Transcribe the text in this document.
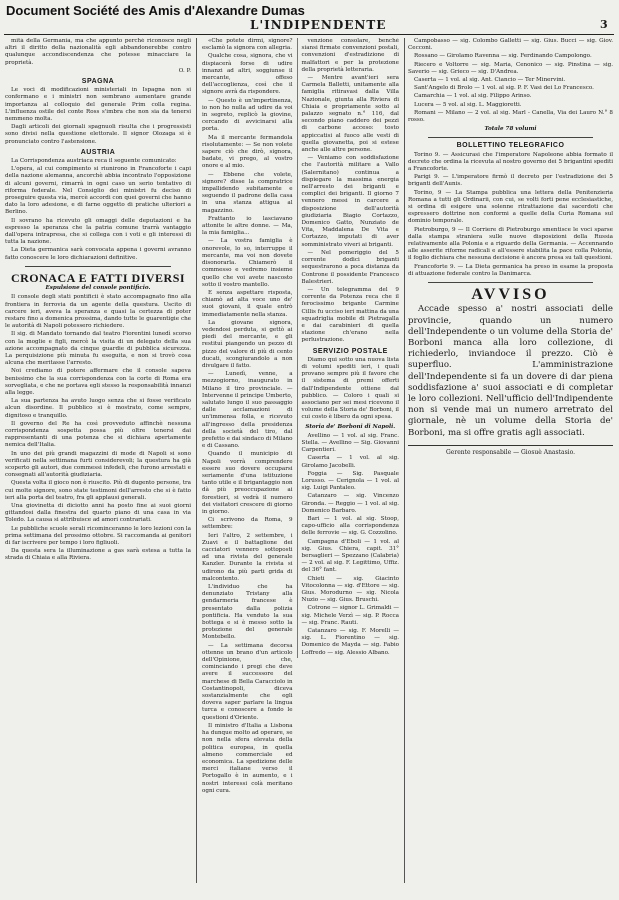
Document Société des Amis d'Alexandre Dumas
L'INDIPENDENTE	3

mità della Germania, ma che appunto perchè riconosce negli altri il diritto della nazionalità egli abbandonerebbe contro qualunque accondiscendenza che potesse minacciare la proprietà.

O. P.
SPAGNA

Le voci di modificazioni ministeriali in Ispagna non si confermano e i ministri non sembrano aumentare grande importanza al colloquio del generale Prim colla regina. L'influenza ostile del conte Ross s'imbra che non sia da tenersi nemmeno molta.

Dagli articoli dei giornali spagnuoli risulta che i progressisti sono divisi nella questione elettorale. Il signor Olozaga si è pronunciato contro l'astensione.

AUSTRIA

La Corrispondenza austriaca reca il seguente comunicato:

L'opera, al cui compimento si riunirono in Francoforte i capi della nazione alemanna, ancorchè abbia incontrato l'opposizione di alcuni governi, rimarrà in ogni caso un serio tentativo di riforma federale. Nel Consiglio dei ministri fu deciso di proseguire questa via, mercè accordi con quei governi che hanno dato la loro adesione, e di farne oggetto di pratiche ulteriori a Berlino.

Il sovrano ha ricevuto gli omaggi delle deputazioni e ha espresso la speranza che la patria comune trarrà vantaggio dall'opera intrapresa, che si collega con i voti e gli interessi di tutta la nazione.

La Dieta germanica sarà convocata appena i governi avranno fatto conoscere le loro dichiarazioni definitive.

CRONACA E FATTI DIVERSI
Espulsione del console pontificio.

Il console degli stati pontificii è stato accompagnato fino alla frontiera in ferrovia da un agente della questura. Uscito di carcere ieri, aveva la speranza e quasi la certezza di poter restare fino a domenica prossima, dando tutte le guarentigie che le autorità di Napoli potessero richiedere.

Il sig. di Mandato tornando dal teatro Fiorentini lunedì scorso con la moglie e figli, mercè la visita di un delegato della sua azione accompagnato da cinque guardie di pubblica sicurezza. La perquisizione più minuta fu eseguita, e non si trovò cosa alcuna che meritasse l'arresto.

Noi crediamo di potere affermare che il console sapeva benissimo che la sua corrispondenza con la corte di Roma era sorvegliata, e che ne portava egli stesso la responsabilità innanzi alla legge.

La sua partenza ha avuto luogo senza che si fosse verificato alcun disordine. Il pubblico si è mostrato, come sempre, dignitoso e tranquillo.

Il governo del Re ha così provveduto affinchè nessuna corrispondenza sospetta possa più oltre tenersi dai rappresentanti di una potenza che si dichiara apertamente nemica dell'Italia.

In uno dei più grandi magazzini di mode di Napoli si sono verificati nella settimana furti considerevoli; la questura ha già scoperto gli autori, due commessi infedeli, che furono arrestati e consegnati all'autorità giudiziaria.

Questa volta il gioco non è riuscito. Più di dugento persone, tra cui molte signore, sono state testimoni dell'arresto che si è fatto ieri alla porta del teatro, fra gli applausi generali.

Una giovinetta di diciotto anni ha posto fine ai suoi giorni gittandosi dalla finestra del quarto piano di una casa in via Toledo. La causa si attribuisce ad amori contrariati.

Le pubbliche scuole serali ricominceranno le loro lezioni con la prima settimana del prossimo ottobre. Si raccomanda ai genitori di far iscrivere per tempo i loro figliuoli.

Da questa sera la illuminazione a gas sarà estesa a tutta la strada di Chiaia e alla Riviera.

«Che potete dirmi, signore? esclamò la signora con allegria.

Qualche cosa, signora, che vi dispiacerà forse di udire innanzi ad altri, soggiunse il mercante, offeso dell'accoglienza, così che il signore avrà da rispondere.

— Questo è un'impertinenza, io non ho nulla ad udire da voi in segreto, replicò la giovine, cercando di avvicinarsi alla porta.

Ma il mercante fermandola risolutamente: — Se non volete sapere ciò che dirò, signora, badate, vi prego, al vostro onore e al mio.

— Ebbene che volete, signore? disse la compratrice impallidendo subitamente e seguendo il padrone della casa in una stanza attigua al magazzino.

Frattanto io lasciavano attonite le altre donne. — Ma, la mia famiglia...

— La vostra famiglia è onorevole, lo so, interruppe il mercante, ma voi non dovete disonorarla. Chiamerò il commesso e vedremo insieme quello che voi avete nascosto sotto il vostro mantello.

E senza aspettare risposta, chiamò ad alta voce uno de' suoi giovani, il quale entrò immediatamente nella stanza.

La giovane signora, vedendosi perduta, si gettò ai piedi del mercante, e gli restituì piangendo un pezzo di pizzo del valore di più di cento ducati, scongiurandolo a non divulgare il fatto.

— Lunedì, venne, a mezzogiorno, inaugurato in Milano il tiro provinciale. — Intervenne il principe Umberto, salutato lungo il suo passaggio dalle acclamazioni di un'immensa folla, e ricevuto all'ingresso della presidenza della società del tiro, dal prefetto e dai sindaco di Milano e di Cassano.

Quando il municipio di Napoli vorrà comprendere essere suo dovere occuparsi seriamente d'una istituzione tanto utile e il brigantaggio non dà più preoccupazione ai forestieri, si vedrà il numero dei visitatori crescere di giorno in giorno.

Ci scrivono da Roma, 9 settembre:

Ieri l'altro, 2 settembre, i Zuavi e il battaglione dei cacciatori vennero sottoposti ad una rivista del generale Kanzler. Durante la rivista si udirono da più parti grida di malcontento.

L'individuo che ha denunziato Tristany alla gendarmeria francese è presentato dalla polizia pontificia. Ha venduto la sua bottega e si è messo sotto la protezione del generale Montebello.

— La settimana decorsa ottenne un brano d'un articolo dell'Opinione, che, cominciando i pregi che deve avere il successore del marchese di Bella Caracciolo in Costantinopoli, diceva sostanzialmente che egli doveva saper parlare la lingua turca e conoscere a fondo le questioni d'Oriente.

Il ministro d'Italia a Lisbona ha dunque molto ad operare, se non nella sfera elevata della politica europea, in quella almeno commerciale ed economica. La spedizione delle merci italiane verso il Portogallo è in aumento, e i nostri interessi colà meritano ogni cura.

venzione consolare, benchè siansi firmate convenzioni postali, convenzioni d'estradizione di malfattori e per la protezione della proprietà letteraria.

— Mentre avant'ieri sera Carmela Balletti, unitamente alla famiglia ritiravasi dalla Villa Nazionale, giunta alla Riviera di Chiaia e propriamente sotto al palazzo segnato n.° 116, dal secondo piano caddero dei pezzi di carbone acceso: tosto appiccatisi al fuoco alle vesti di quella giovanetta, poi si estese anche alle altre persone.

— Veniamo con soddisfazione che l'autorità militare a Vallo (Salernitano) continua a dispiegare la massima energia nell'arresto dei briganti e complici dei briganti. Il giorno 7 vennero messi in carcere a disposizione dell'autorità giudiziaria Biagio Cortazzo, Domenico Gatto, Nunziato de Vita, Maddalena De Vita e Cortazzo, imputati di aver somministrato viveri ai briganti.

— Nel pomeriggio del 5 corrente dodici briganti sequestrarono a poca distanza da Controne il possidente Francesco Balestrieri.

— Un telegramma del 9 corrente da Potenza reca che il ferocissimo brigante Carmine Cillis fu ucciso ieri mattina da una squadriglia mobile di Pietragalla e dai carabinieri di quella stazione ch'erano nella perlustrazione.

SERVIZIO POSTALE

Diamo qui sotto una nuova lista di volumi spediti ieri, i quali provano sempre più il favore che il sistema di premi offerti dall'Indipendente ottiene dal pubblico. — Coloro i quali si associano per sei mesi ricevono il volume della Storia de' Borboni, il cui costo è libero da ogni spesa.

Storia de' Borboni di Napoli.

Avellino — 1 vol. al sig. Franc. Stella. — Avellino — Sig. Giovanni Carpentieri.

Caserta — 1 vol. al sig. Girolamo Jacobelli.

Foggia — Sig. Pasquale Lorusso. — Cerignola — 1 vol. al sig. Luigi Pantaleo.

Catanzaro — sig. Vincenzo Gironda. — Reggio — 1 vol. al sig. Domenico Barbaro.

Bari — 1 vol. al sig. Stoop, capo-ufficio alla corrispondenza delle ferrovie — sig. G. Cozzolino.

Campagna d'Eboli — 1 vol. al sig. Gius. Chiera, capit. 31° bersaglieri — Spezzano (Calabria) — 2 vol. al sig. F. Legittimo, Uffiz. del 36° fant.

Chieti — sig. Giacinto Vitocolonna — sig. d'Ettore — sig. Gius. Morodurno — sig. Nicola Nuzio — sig. Gius. Bruschi.

Cotrone — signor L. Grimaldi — sig. Michele Verzì — sig. P. Rocca — sig. Franc. Rauti.

Catanzaro — sig. F. Morelli — sig. L. Fiorentino — sig. Domenico de Mayda — sig. Fabio Loffredo — sig. Alessio Albano.

Campobasso — sig. Colombo Galletti — sig. Gius. Bucci — sig. Giov. Cecconi.

Rossano — Girolamo Ravenna — sig. Ferdinando Campolongo.

Riecero e Voltorre — sig. Maria, Cenonico — sig. Pinstina — sig. Saverio — sig. Grieco — sig. D'Andrea.

Caserta — 1 vol. al sig. Ant. Ciancio — Ter Minervini.

Sant'Angelo di Brolo — 1 vol. al sig. P. F. Vasi dei Lo Francesco.

Camarchia — 1 vol. al sig. Filippo Arinso.

Lucera — 5 vol. al sig. L. Maggioretti.

Romani — Milano — 2 vol. al sig. Marl - Canella, Via dei Lauro N.° 8 rosso.

Totale 78 volumi
BOLLETTINO TELEGRAFICO

Torino 9. — Assicurasi che l'imperatore Napoleone abbia formato il decreto che ordina la ricevuta al nostro governo dei 5 brigantini spediti a Francoforte.

Parigi 9. — L'imperatore firmò il decreto per l'estradizione dei 5 briganti dell'Aunis.

Torino, 9 — La Stampa pubblica una lettera della Penitenzieria Romana a tutti gli Ordinarii, con cui, se volti forti pene ecclesiastiche, si ordina di esigere una solenne ritrattazione dai sacerdoti che espressero dottrine non conformi a quelle della Curia Romana sul dominio temporale.

Pietroburgo, 9 — Il Corriere di Pietroburgo smentisce le voci sparse dalla stampa straniera sulle nuove disposizioni della Russia relativamente alla Polonia e a riguardo della Germania. — Accennando alle asserite riforme radicali e all'essere stabilita la pace colla Polonia, il foglio dichiara che nessuna decisione è ancora presa su tali questioni.

Francoforte 9. — La Dieta germanica ha preso in esame la proposta di attuazione federale contro la Danimarca.

AVVISO

Accade spesso a' nostri associati delle provincie, quando un numero dell'Independente o un volume della Storia de' Borboni manca alla loro collezione, di richiederlo, inviandoce il prezzo. Ciò è superfluo. L'amministrazione dell'Independente si fa un dovere di dar piena soddisfazione a' suoi associati e di completar le loro collezioni. Nell'ufficio dell'Indipendente non si vende mai un numero arretrato del giornale, nè un volume della Storia de' Borboni, ma si offre gratis agli associati.

Gerente responsabile — Giosuè Anastasio.
